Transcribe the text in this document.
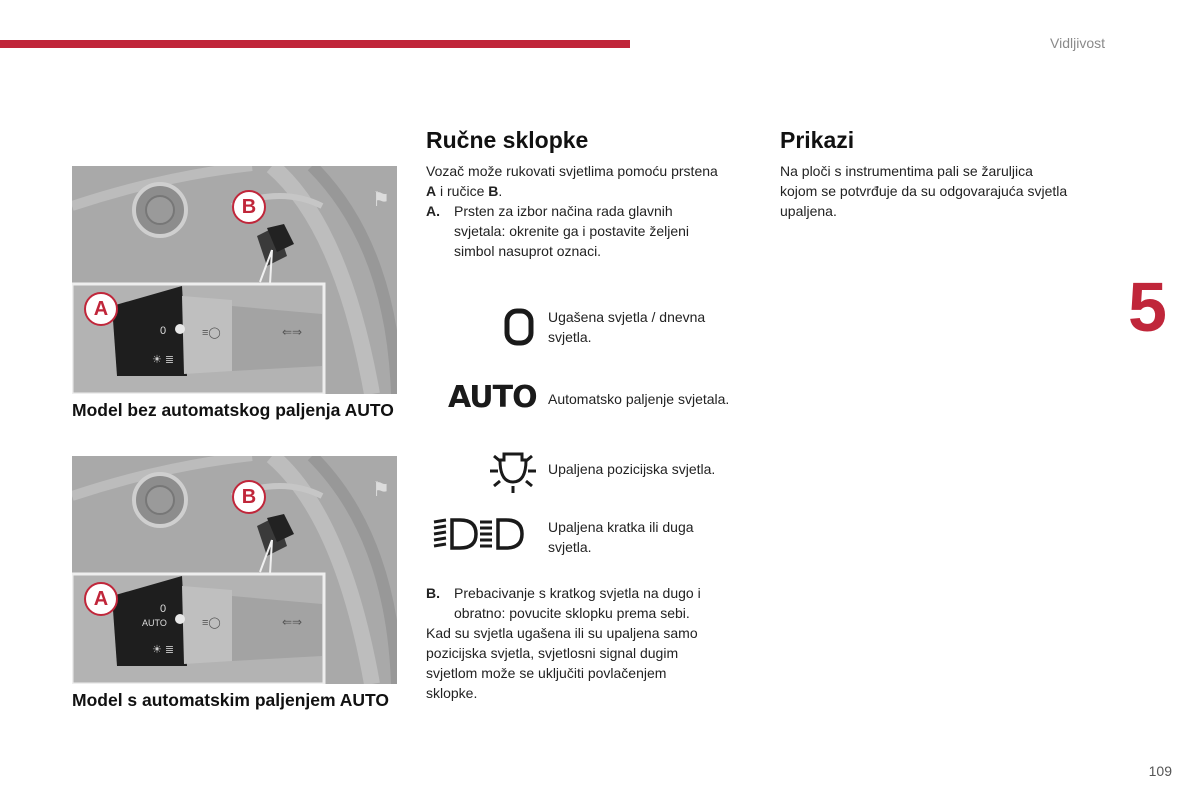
Vidljivost
5
109
⚑
0
☀ ≣
≡◯	⇐⇒
A
B
Model bez automatskog paljenja AUTO
⚑
0
AUTO
☀ ≣
≡◯	⇐⇒
A
B
Model s automatskim paljenjem AUTO
Ručne sklopke
Vozač može rukovati svjetlima pomoću prstena
A i ručice B.
A. Prsten za izbor načina rada glavnih
svjetala: okrenite ga i postavite željeni
simbol nasuprot oznaci.
Ugašena svjetla / dnevna
svjetla.
AUTO Automatsko paljenje svjetala.
Upaljena pozicijska svjetla.
Upaljena kratka ili duga
svjetla.
B. Prebacivanje s kratkog svjetla na dugo i
obratno: povucite sklopku prema sebi.
Kad su svjetla ugašena ili su upaljena samo
pozicijska svjetla, svjetlosni signal dugim
svjetlom može se uključiti povlačenjem
sklopke.
Prikazi
Na ploči s instrumentima pali se žaruljica
kojom se potvrđuje da su odgovarajuća svjetla
upaljena.
